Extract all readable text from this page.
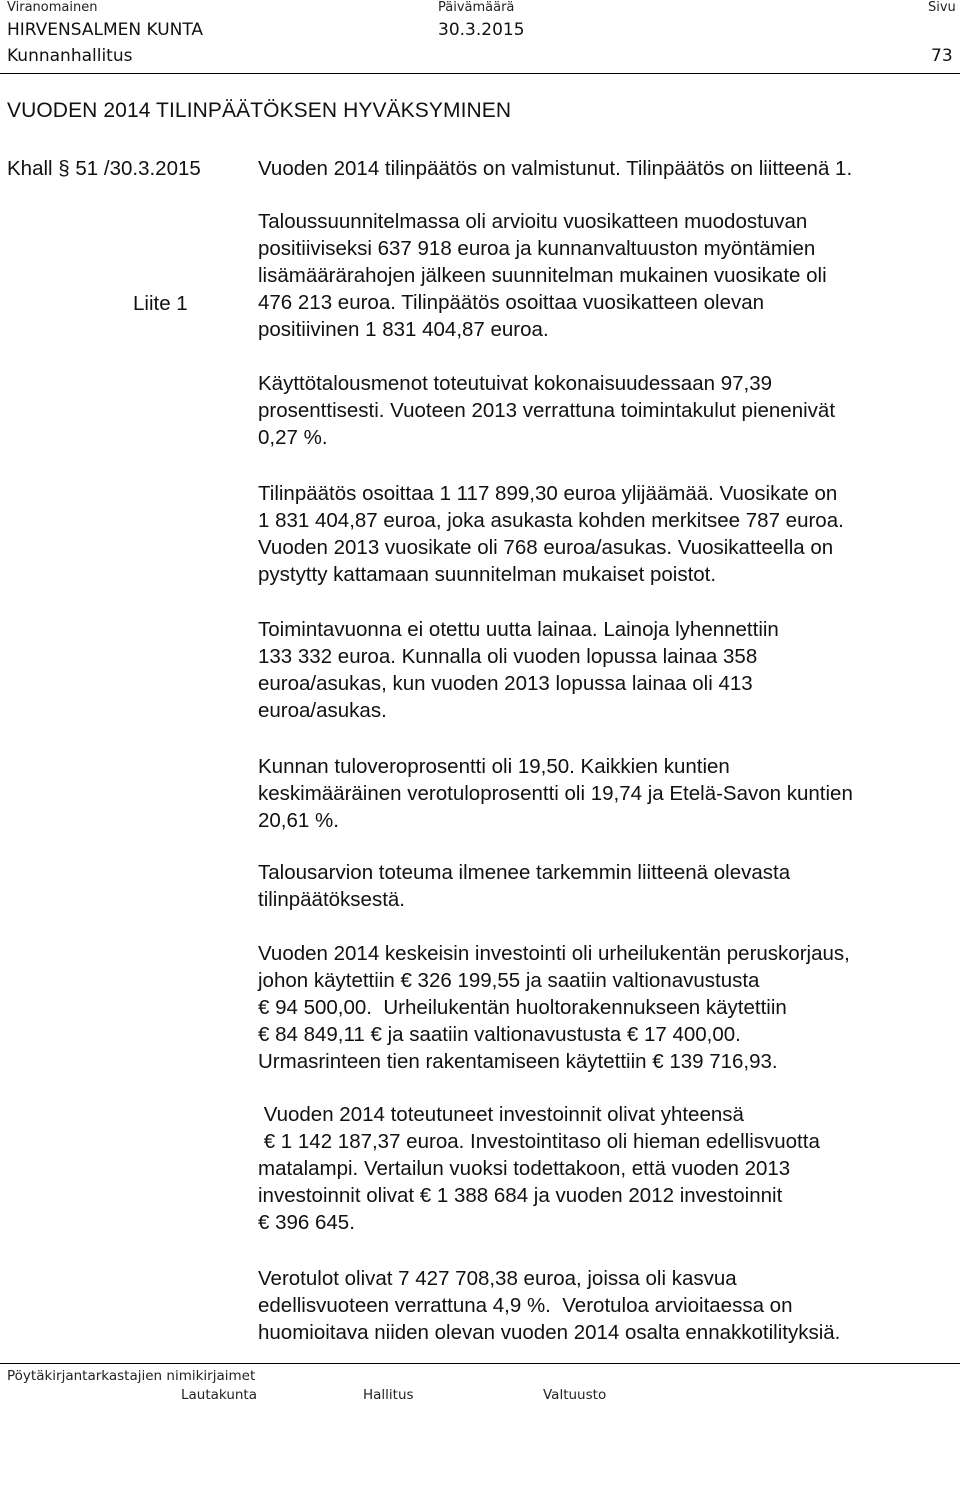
Viranomainen	Päivämäärä	Sivu
HIRVENSALMEN KUNTA	30.3.2015
Kunnanhallitus	73
VUODEN 2014 TILINPÄÄTÖKSEN HYVÄKSYMINEN
Khall § 51 /30.3.2015
Liite 1
Vuoden 2014 tilinpäätös on valmistunut. Tilinpäätös on liitteenä 1.
Taloussuunnitelmassa oli arvioitu vuosikatteen muodostuvan
positiiviseksi 637 918 euroa ja kunnanvaltuuston myöntämien
lisämäärärahojen jälkeen suunnitelman mukainen vuosikate oli
476 213 euroa. Tilinpäätös osoittaa vuosikatteen olevan
positiivinen 1 831 404,87 euroa.
Käyttötalousmenot toteutuivat kokonaisuudessaan 97,39
prosenttisesti. Vuoteen 2013 verrattuna toimintakulut pienenivät
0,27 %.
Tilinpäätös osoittaa 1 117 899,30 euroa ylijäämää. Vuosikate on
1 831 404,87 euroa, joka asukasta kohden merkitsee 787 euroa.
Vuoden 2013 vuosikate oli 768 euroa/asukas. Vuosikatteella on
pystytty kattamaan suunnitelman mukaiset poistot.
Toimintavuonna ei otettu uutta lainaa. Lainoja lyhennettiin
133 332 euroa. Kunnalla oli vuoden lopussa lainaa 358
euroa/asukas, kun vuoden 2013 lopussa lainaa oli 413
euroa/asukas.
Kunnan tuloveroprosentti oli 19,50. Kaikkien kuntien
keskimääräinen verotuloprosentti oli 19,74 ja Etelä-Savon kuntien
20,61 %.
Talousarvion toteuma ilmenee tarkemmin liitteenä olevasta
tilinpäätöksestä.
Vuoden 2014 keskeisin investointi oli urheilukentän peruskorjaus,
johon käytettiin € 326 199,55 ja saatiin valtionavustusta
€ 94 500,00.  Urheilukentän huoltorakennukseen käytettiin
€ 84 849,11 € ja saatiin valtionavustusta € 17 400,00.
Urmasrinteen tien rakentamiseen käytettiin € 139 716,93.
Vuoden 2014 toteutuneet investoinnit olivat yhteensä
€ 1 142 187,37 euroa. Investointitaso oli hieman edellisvuotta
matalampi. Vertailun vuoksi todettakoon, että vuoden 2013
investoinnit olivat € 1 388 684 ja vuoden 2012 investoinnit
€ 396 645.
Verotulot olivat 7 427 708,38 euroa, joissa oli kasvua
edellisvuoteen verrattuna 4,9 %.  Verotuloa arvioitaessa on
huomioitava niiden olevan vuoden 2014 osalta ennakkotilityksiä.
Pöytäkirjantarkastajien nimikirjaimet
Lautakunta	Hallitus	Valtuusto
